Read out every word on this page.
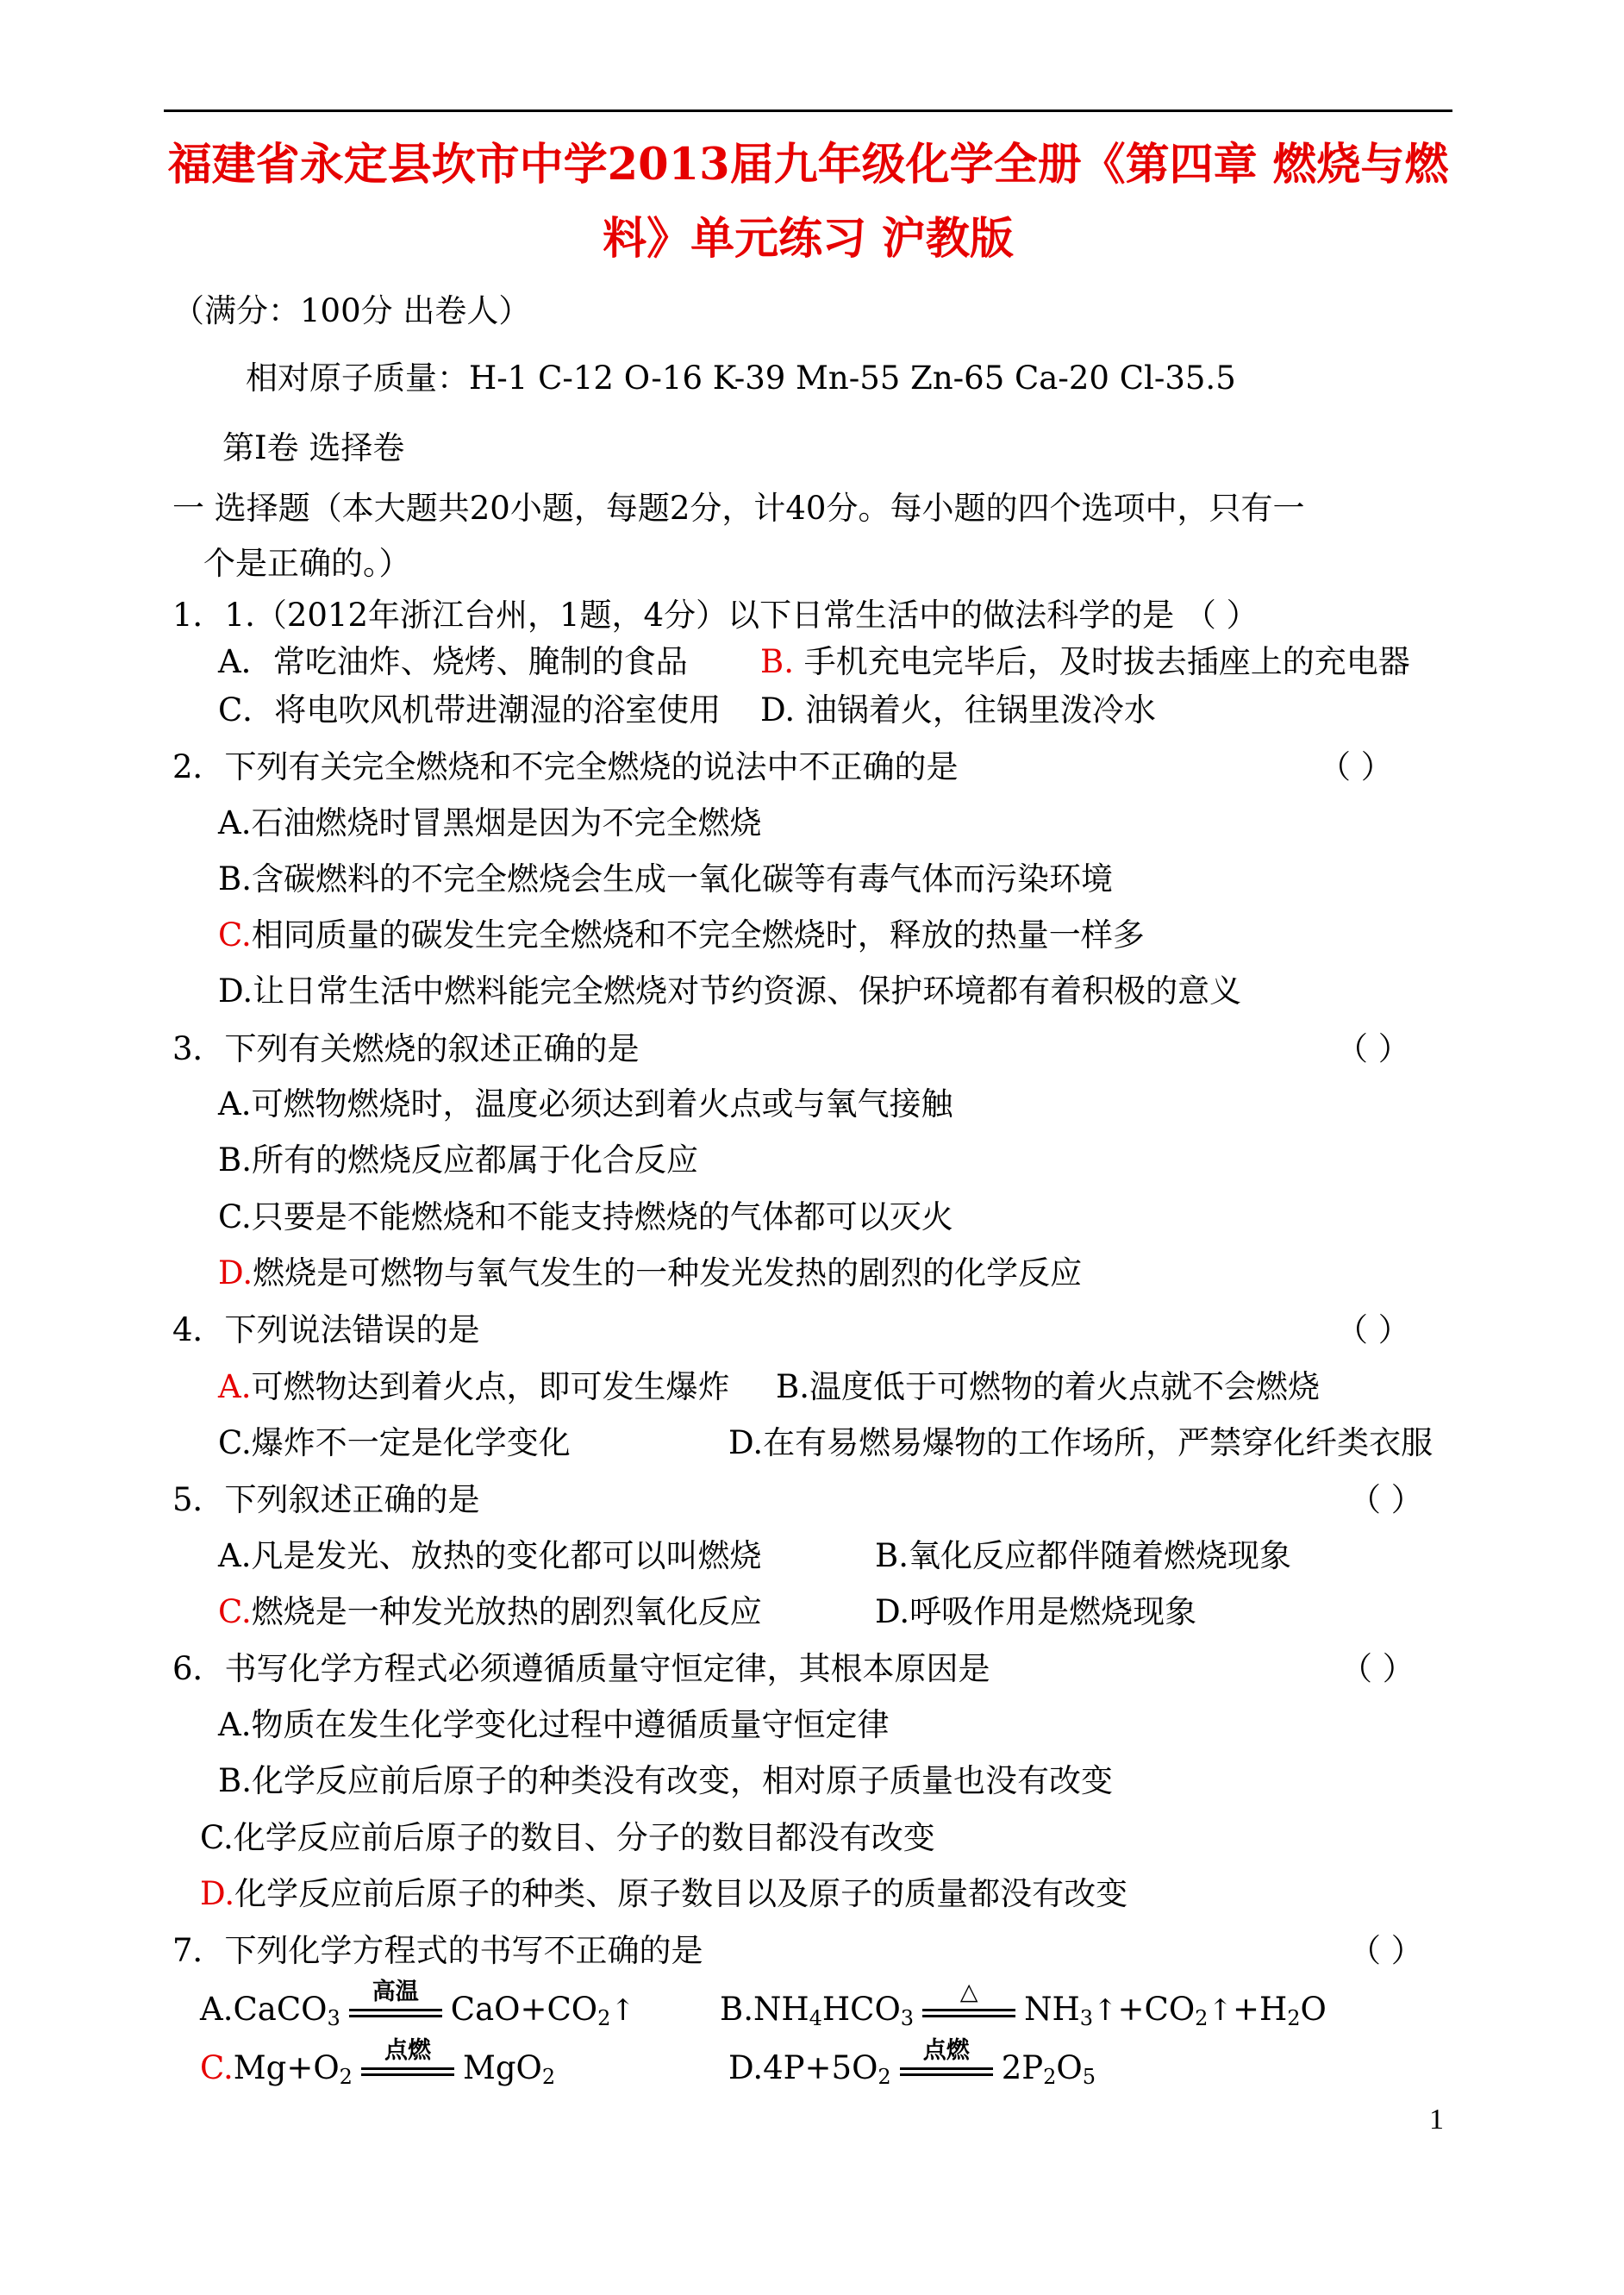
福建省永定县坎市中学2013届九年级化学全册《第四章 燃烧与燃
料》单元练习 沪教版
（满分：100分 出卷人）
相对原子质量：H-1 C-12 O-16 K-39 Mn-55 Zn-65 Ca-20 Cl-35.5
第Ⅰ卷 选择卷
一 选择题（本大题共20小题，每题2分，计40分。每小题的四个选项中，只有一
个是正确的。）
1．1.（2012年浙江台州，1题，4分）以下日常生活中的做法科学的是 （ ）
A．常吃油炸、烧烤、腌制的食品 B. 手机充电完毕后，及时拔去插座上的充电器
C．将电吹风机带进潮湿的浴室使用 D. 油锅着火，往锅里泼冷水
2．下列有关完全燃烧和不完全燃烧的说法中不正确的是	（ ）
A.石油燃烧时冒黑烟是因为不完全燃烧
B.含碳燃料的不完全燃烧会生成一氧化碳等有毒气体而污染环境
C.相同质量的碳发生完全燃烧和不完全燃烧时，释放的热量一样多
D.让日常生活中燃料能完全燃烧对节约资源、保护环境都有着积极的意义
3．下列有关燃烧的叙述正确的是	（ ）
A.可燃物燃烧时，温度必须达到着火点或与氧气接触
B.所有的燃烧反应都属于化合反应
C.只要是不能燃烧和不能支持燃烧的气体都可以灭火
D.燃烧是可燃物与氧气发生的一种发光发热的剧烈的化学反应
4．下列说法错误的是	（ ）
A.可燃物达到着火点，即可发生爆炸 B.温度低于可燃物的着火点就不会燃烧
C.爆炸不一定是化学变化	D.在有易燃易爆物的工作场所，严禁穿化纤类衣服
5．下列叙述正确的是	（ ）
A.凡是发光、放热的变化都可以叫燃烧	B.氧化反应都伴随着燃烧现象
C.燃烧是一种发光放热的剧烈氧化反应	D.呼吸作用是燃烧现象
6．书写化学方程式必须遵循质量守恒定律，其根本原因是	（ ）
A.物质在发生化学变化过程中遵循质量守恒定律
B.化学反应前后原子的种类没有改变，相对原子质量也没有改变
C.化学反应前后原子的数目、分子的数目都没有改变
D.化学反应前后原子的种类、原子数目以及原子的质量都没有改变
7．下列化学方程式的书写不正确的是	（ ）
A.CaCO$_3$
高温	$CaO+CO_2↑$	$B.NH_4HCO_3$
△	$NH_3↑+CO_2↑+H_2O$
$C.Mg+O_2$
点燃	MgO$_2$	$D.4P+5O_2$
点燃	$2P_2O_5$
1
